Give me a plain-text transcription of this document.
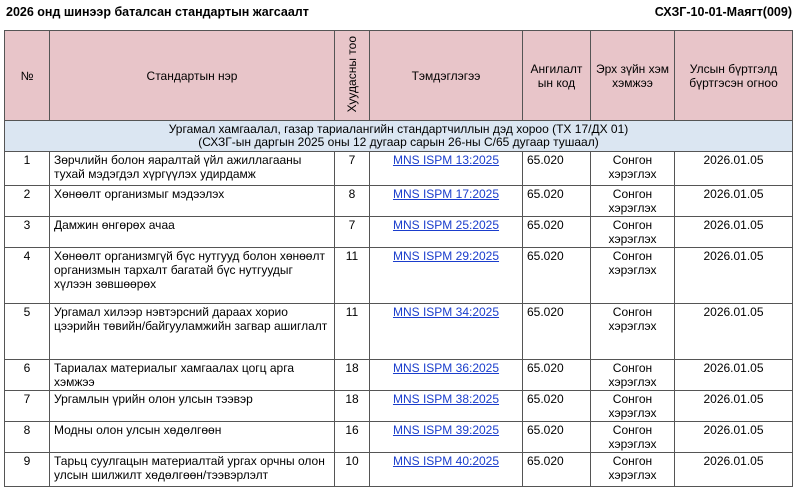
2026 онд шинээр баталсан стандартын жагсаалт	СХЗГ-10-01-Маягт(009)
№	Стандартын нэр	Хуудасны тоо	Тэмдэглэгээ	Ангилалт ын код	Эрх зүйн хэм хэмжээ	Улсын бүртгэлд бүртгэсэн огноо

Ургамал хамгаалал, газар тариалангийн стандартчиллын дэд хороо (ТХ 17/ДХ 01)
(СХЗГ-ын даргын 2025 оны 12 дугаар сарын 26-ны С/65 дугаар тушаал)						

1	Зөрчлийн болон яаралтай үйл ажиллагааны тухай мэдэгдэл хүргүүлэх удирдамж	7	MNS ISPM 13:2025	65.020	Сонгон хэрэглэх	2026.01.05
2	Хөнөөлт организмыг мэдээлэх	8	MNS ISPM 17:2025	65.020	Сонгон хэрэглэх	2026.01.05
3	Дамжин өнгөрөх ачаа	7	MNS ISPM 25:2025	65.020	Сонгон хэрэглэх	2026.01.05
4	Хөнөөлт организмгүй бүс нутгууд болон хөнөөлт организмын тархалт багатай бүс нутгуудыг хүлээн зөвшөөрөх	11	MNS ISPM 29:2025	65.020	Сонгон хэрэглэх	2026.01.05
5	Ургамал хилээр нэвтэрсний дараах хорио цээрийн төвийн/байгууламжийн загвар ашиглалт	11	MNS ISPM 34:2025	65.020	Сонгон хэрэглэх	2026.01.05
6	Тариалах материалыг хамгаалах цогц арга хэмжээ	18	MNS ISPM 36:2025	65.020	Сонгон хэрэглэх	2026.01.05
7	Ургамлын үрийн олон улсын тээвэр	18	MNS ISPM 38:2025	65.020	Сонгон хэрэглэх	2026.01.05
8	Модны олон улсын хөдөлгөөн	16	MNS ISPM 39:2025	65.020	Сонгон хэрэглэх	2026.01.05
9	Тарьц суулгацын материалтай ургах орчны олон улсын шилжилт хөдөлгөөн/тээвэрлэлт	10	MNS ISPM 40:2025	65.020	Сонгон хэрэглэх	2026.01.05
